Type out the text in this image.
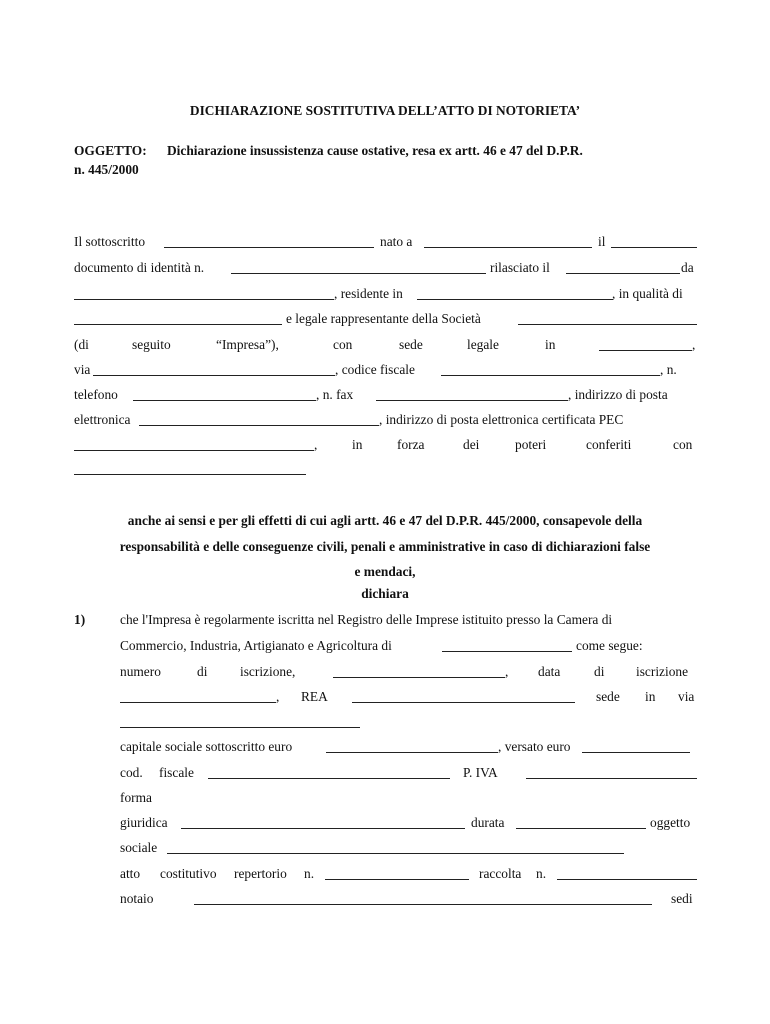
DICHIARAZIONE SOSTITUTIVA DELL’ATTO DI NOTORIETA’
OGGETTO: Dichiarazione insussistenza cause ostative, resa ex artt. 46 e 47 del D.P.R.
n. 445/2000
Il sottoscritto	nato a	il
documento di identità n.	rilasciato il	da
, residente in	, in qualità di
e legale rappresentante della Società
(di	seguito	“Impresa”),	con	sede	legale	in	,
via	, codice fiscale	, n.
telefono	, n. fax	, indirizzo di posta
elettronica	, indirizzo di posta elettronica certificata PEC
,	in	forza	dei	poteri	conferiti	con
anche ai sensi e per gli effetti di cui agli artt. 46 e 47 del D.P.R. 445/2000, consapevole della
responsabilità e delle conseguenze civili, penali e amministrative in caso di dichiarazioni false
e mendaci,
dichiara
1)	che l'Impresa è regolarmente iscritta nel Registro delle Imprese istituito presso la Camera di
Commercio, Industria, Artigianato e Agricoltura di	come segue:
numero	di iscrizione,	, data	di iscrizione
, REA	sede in via
capitale sociale sottoscritto euro	, versato euro
cod. fiscale	P. IVA
forma
giuridica	durata	oggetto
sociale
atto costitutivo repertorio n.	raccolta n.
notaio	sedi
